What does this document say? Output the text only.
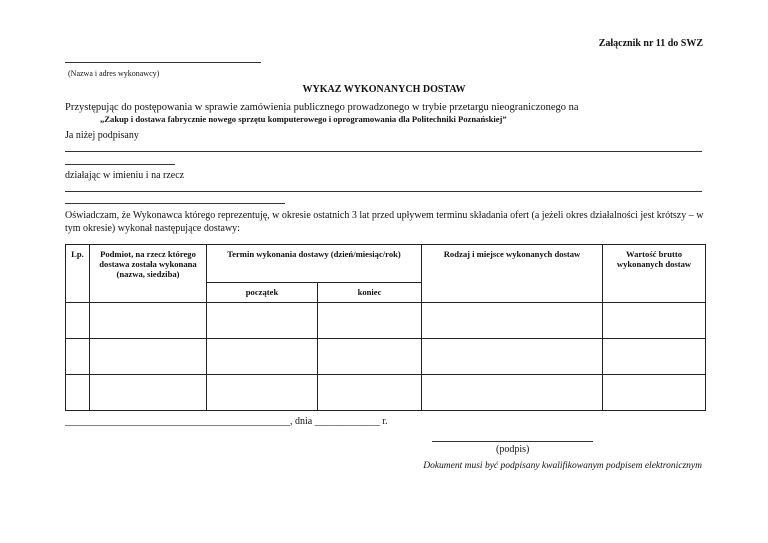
Załącznik nr 11 do SWZ
(Nazwa i adres wykonawcy)
WYKAZ WYKONANYCH DOSTAW
Przystępując do postępowania w sprawie zamówienia publicznego prowadzonego w trybie przetargu nieograniczonego na
„Zakup i dostawa fabrycznie nowego sprzętu komputerowego i oprogramowania dla Politechniki Poznańskiej”
Ja niżej podpisany
działając w imieniu i na rzecz
Oświadczam, że Wykonawca którego reprezentuję, w okresie ostatnich 3 lat przed upływem terminu składania ofert (a jeżeli okres działalności jest krótszy – w tym okresie) wykonał następujące dostawy:
Lp.	Podmiot, na rzecz którego dostawa została wykonana (nazwa, siedziba)	Termin wykonania dostawy (dzień/miesiąc/rok)		Rodzaj i miejsce wykonanych dostaw	Wartość brutto wykonanych dostaw
		początek	koniec		

_____________________________________________, dnia _____________ r.
(podpis)
Dokument musi być podpisany kwalifikowanym podpisem elektronicznym
